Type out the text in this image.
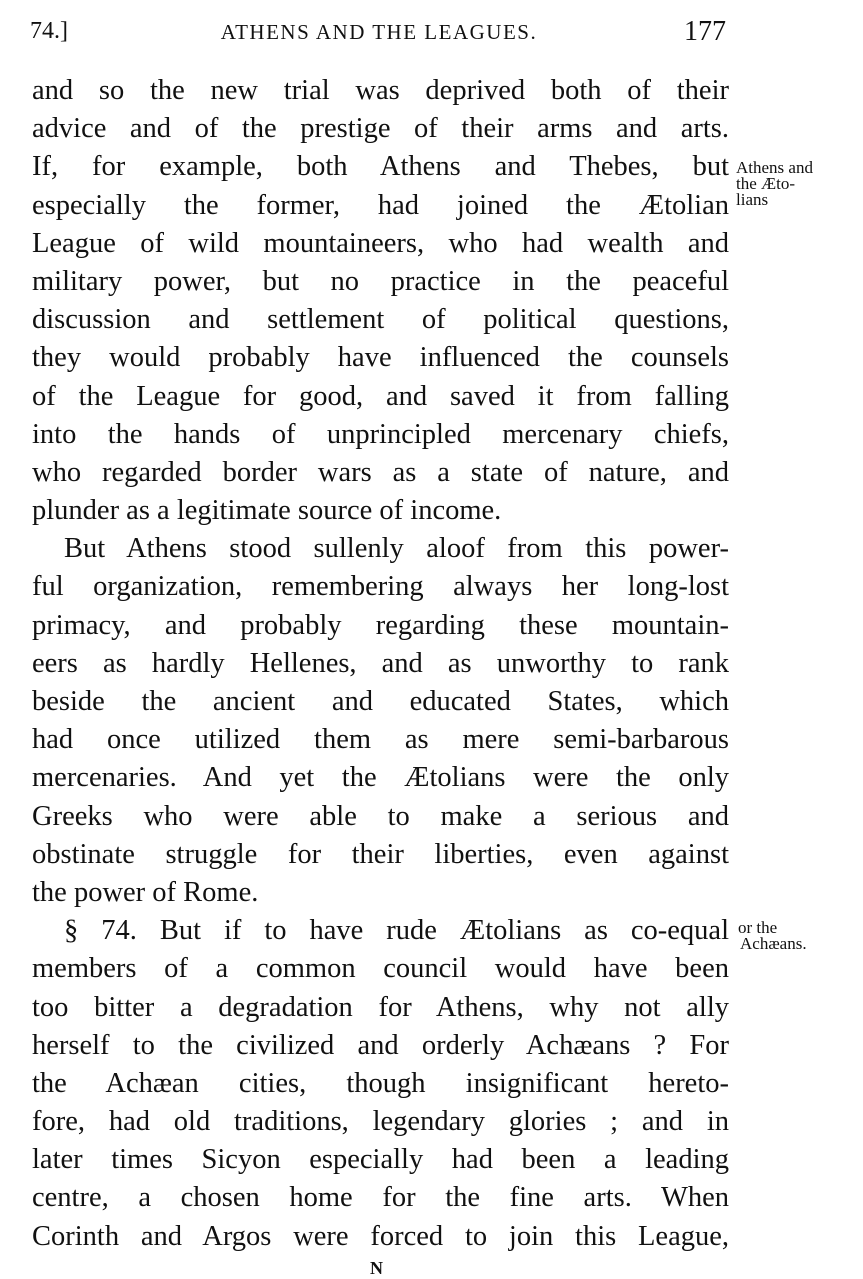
74.]	ATHENS AND THE LEAGUES.	177
and so the new trial was deprived both of their
advice and of the prestige of their arms and arts.
If, for example, both Athens and Thebes, but
especially the former, had joined the Ætolian
League of wild mountaineers, who had wealth and
military power, but no practice in the peaceful
discussion and settlement of political questions,
they would probably have influenced the counsels
of the League for good, and saved it from falling
into the hands of unprincipled mercenary chiefs,
who regarded border wars as a state of nature, and
plunder as a legitimate source of income.
But Athens stood sullenly aloof from this power-
ful organization, remembering always her long-lost
primacy, and probably regarding these mountain-
eers as hardly Hellenes, and as unworthy to rank
beside the ancient and educated States, which
had once utilized them as mere semi-barbarous
mercenaries. And yet the Ætolians were the only
Greeks who were able to make a serious and
obstinate struggle for their liberties, even against
the power of Rome.
§ 74. But if to have rude Ætolians as co-equal
members of a common council would have been
too bitter a degradation for Athens, why not ally
herself to the civilized and orderly Achæans ? For
the Achæan cities, though insignificant hereto-
fore, had old traditions, legendary glories ; and in
later times Sicyon especially had been a leading
centre, a chosen home for the fine arts. When
Corinth and Argos were forced to join this League,
Athens and
the Æto-
lians
or the
Achæans.
N
